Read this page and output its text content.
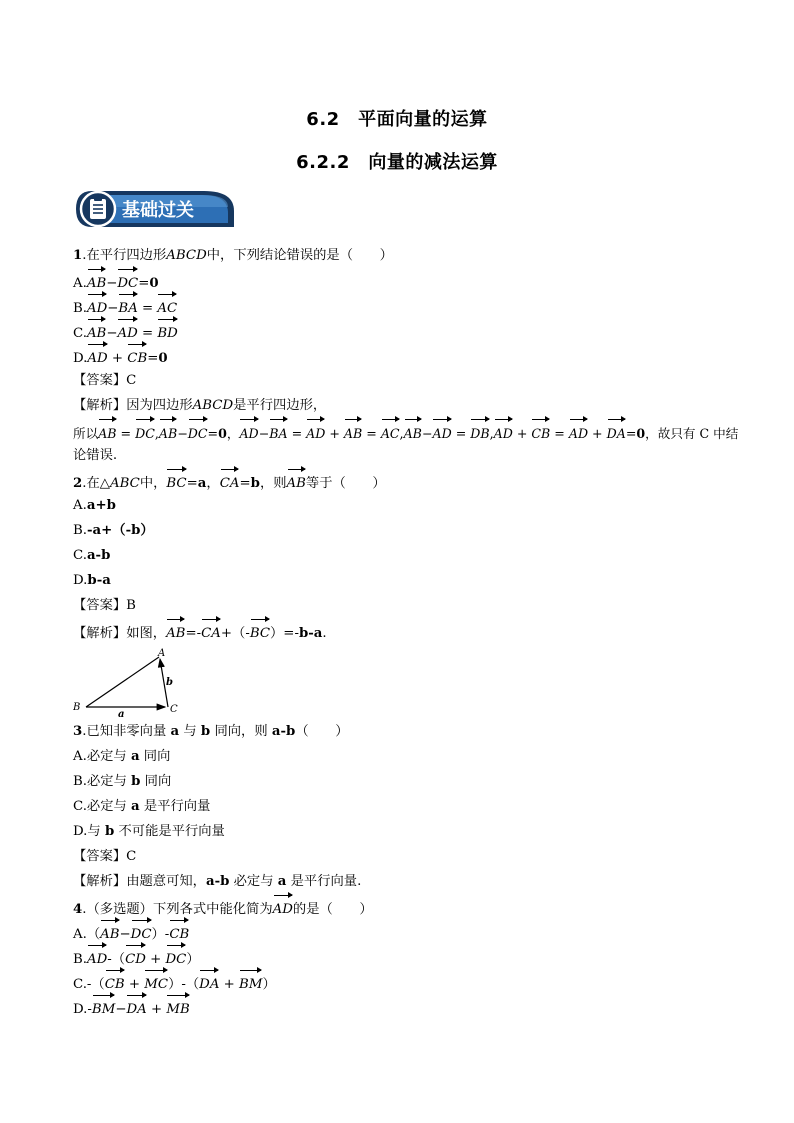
6.2　平面向量的运算
6.2.2　向量的减法运算
基础过关
1.在平行四边形ABCD中，下列结论错误的是（　　）
A.AB−DC=0
B.AD−BA = AC
C.AB−AD = BD
D.AD + CB=0
【答案】C
【解析】因为四边形ABCD是平行四边形，
所以AB = DC,AB−DC=0，AD−BA = AD + AB = AC,AB−AD = DB,AD + CB = AD + DA=0，故只有 C 中结
论错误.
2.在△ABC中，BC=a，CA=b，则AB等于（　　）
A.a+b
B.-a+（-b）
C.a-b
D.b-a
【答案】B
【解析】如图，AB=-CA+（-BC）=-b-a.
A
B	C
a
b
3.已知非零向量 a 与 b 同向，则 a-b（　　）
A.必定与 a 同向
B.必定与 b 同向
C.必定与 a 是平行向量
D.与 b 不可能是平行向量
【答案】C
【解析】由题意可知，a-b 必定与 a 是平行向量.
4.（多选题）下列各式中能化简为AD的是（　　）
A.（AB−DC）-CB
B.AD-（CD + DC）
C.-（CB + MC）-（DA + BM）
D.-BM−DA + MB
